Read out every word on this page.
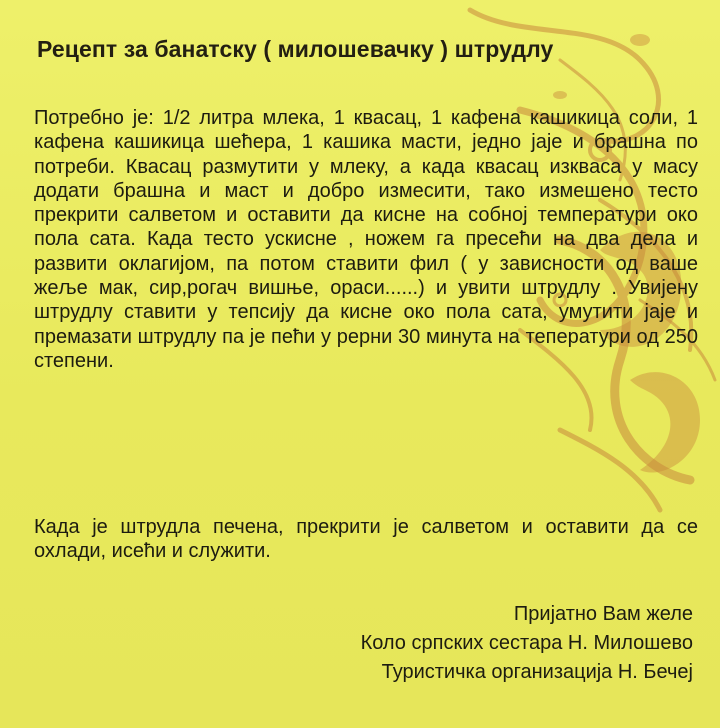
Рецепт за банатску ( милошевачку ) штрудлу
Потребно је: 1/2 литра млека, 1 квасац, 1 кафена кашикица соли, 1 кафена кашикица шећера, 1 кашика масти, једно јаје и брашна по потреби. Квасац размутити у млеку, а када квасац изквaса у масу додати брашна и маст и добро измесити, тако измешено тесто прекрити салветом и оставити да кисне на собној температури око пола сата. Када тесто ускисне , ножем га пресећи на два дела и развити оклагијом, па потом ставити фил ( у зависности од ваше жеље мак, сир,рогач вишње, ораси......) и увити штрудлу . Увијену штрудлу ставити у тепсију да кисне око пола сата, умутити јаје и премазати штрудлу па је пећи у рерни 30 минута на теператури од 250 степени.
Када је штрудла печена, прекрити је салветом и оставити да се охлади, исећи и служити.
Пријатно Вам желе
Коло српских сестара Н. Милошево
Туристичка организација Н. Бечеј
